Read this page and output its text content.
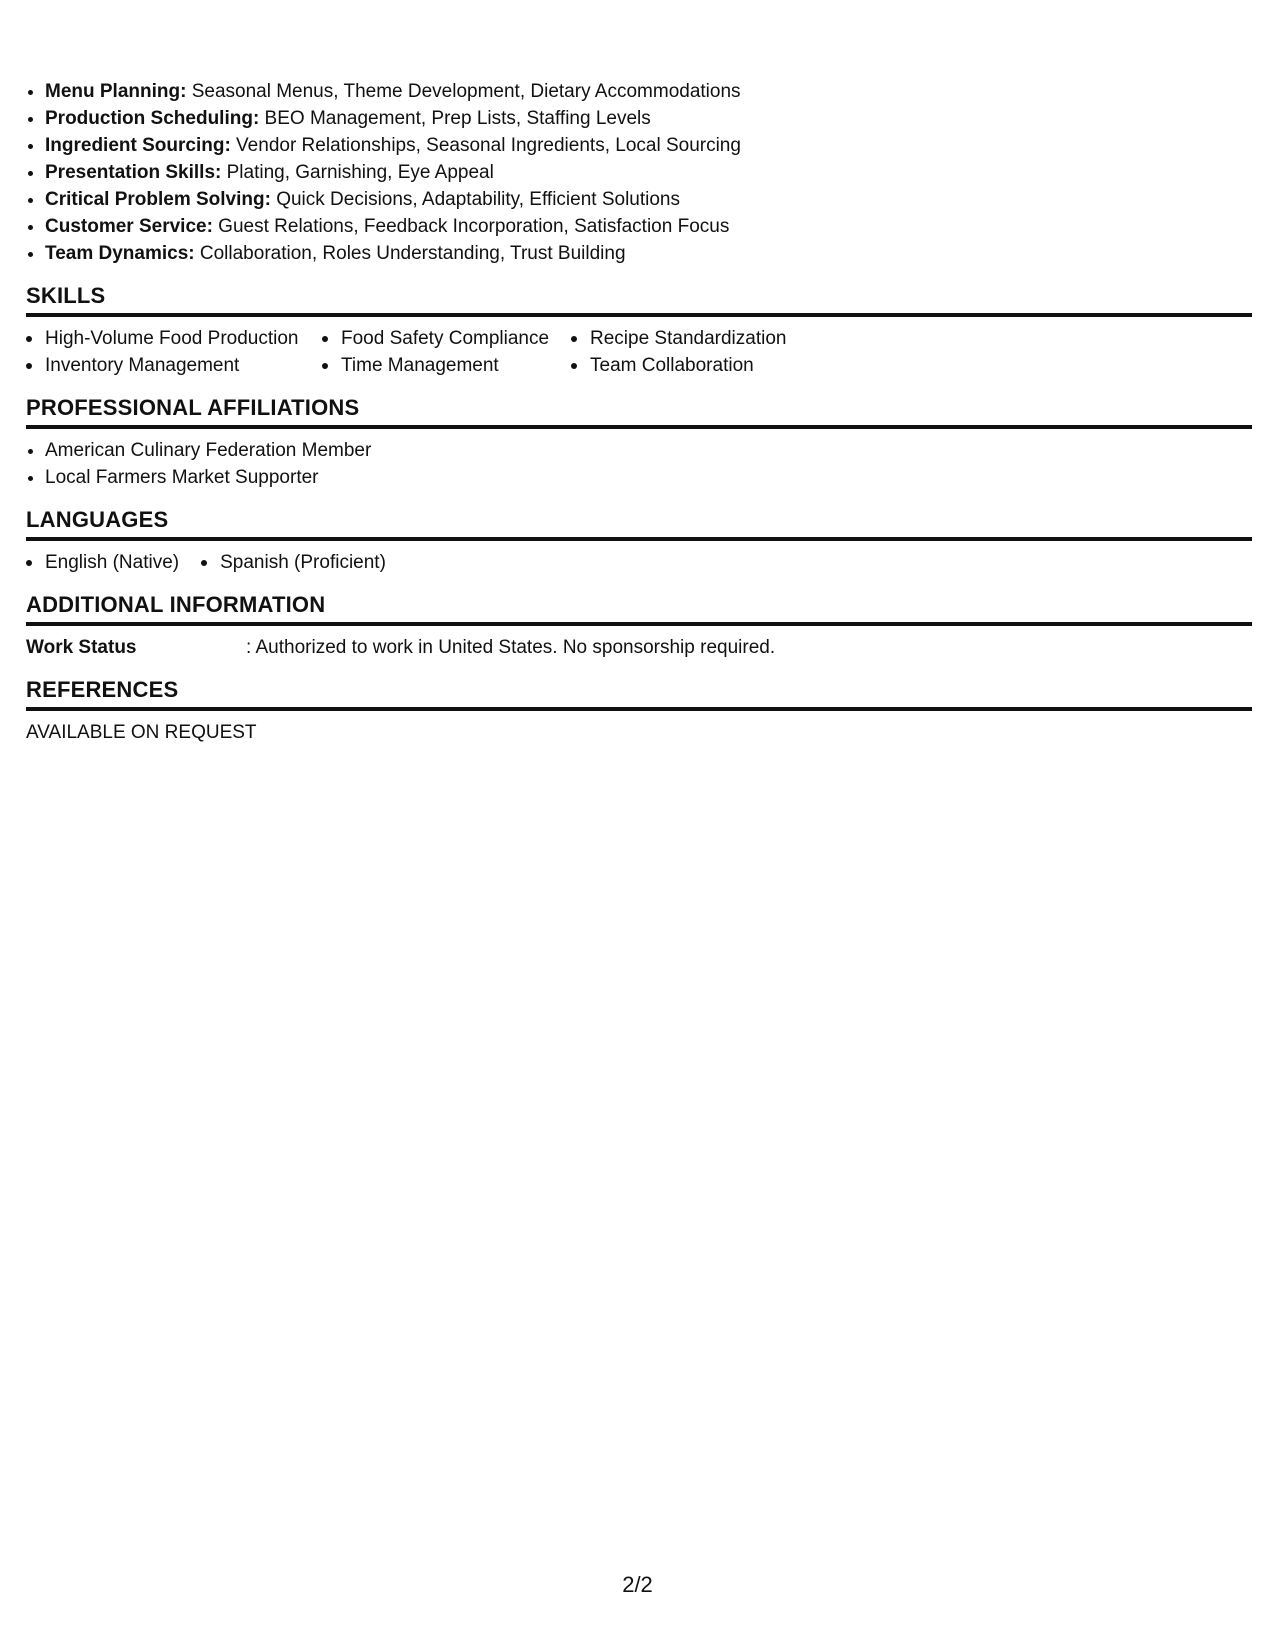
• Menu Planning: Seasonal Menus, Theme Development, Dietary Accommodations
• Production Scheduling: BEO Management, Prep Lists, Staffing Levels
• Ingredient Sourcing: Vendor Relationships, Seasonal Ingredients, Local Sourcing
• Presentation Skills: Plating, Garnishing, Eye Appeal
• Critical Problem Solving: Quick Decisions, Adaptability, Efficient Solutions
• Customer Service: Guest Relations, Feedback Incorporation, Satisfaction Focus
• Team Dynamics: Collaboration, Roles Understanding, Trust Building
SKILLS
High-Volume Food Production	Food Safety Compliance	Recipe Standardization
Inventory Management	Time Management	Team Collaboration
PROFESSIONAL AFFILIATIONS
• American Culinary Federation Member
• Local Farmers Market Supporter
LANGUAGES
English (Native)	Spanish (Proficient)
ADDITIONAL INFORMATION
Work Status	: Authorized to work in United States. No sponsorship required.
REFERENCES
AVAILABLE ON REQUEST
2/2
